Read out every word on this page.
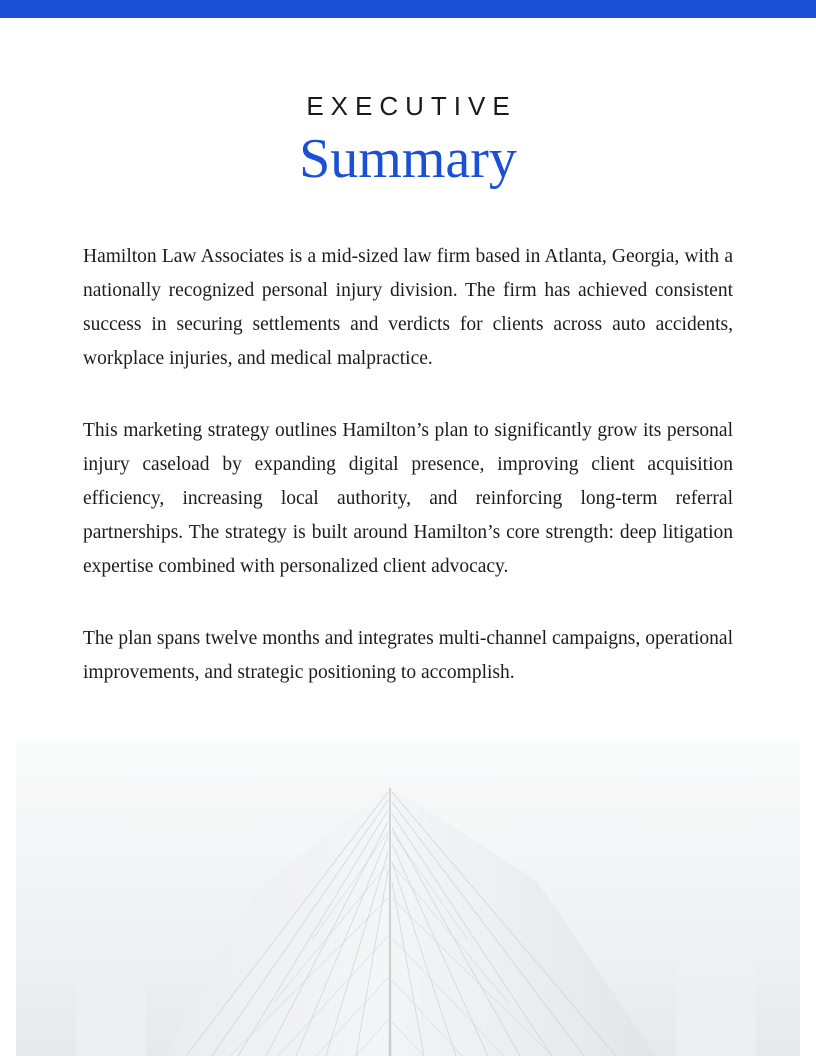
EXECUTIVE
Summary

Hamilton Law Associates is a mid-sized law firm based in Atlanta, Georgia, with a nationally recognized personal injury division. The firm has achieved consistent success in securing settlements and verdicts for clients across auto accidents, workplace injuries, and medical malpractice.

This marketing strategy outlines Hamilton’s plan to significantly grow its personal injury caseload by expanding digital presence, improving client acquisition efficiency, increasing local authority, and reinforcing long-term referral partnerships. The strategy is built around Hamilton’s core strength: deep litigation expertise combined with personalized client advocacy.

The plan spans twelve months and integrates multi-channel campaigns, operational improvements, and strategic positioning to accomplish.
